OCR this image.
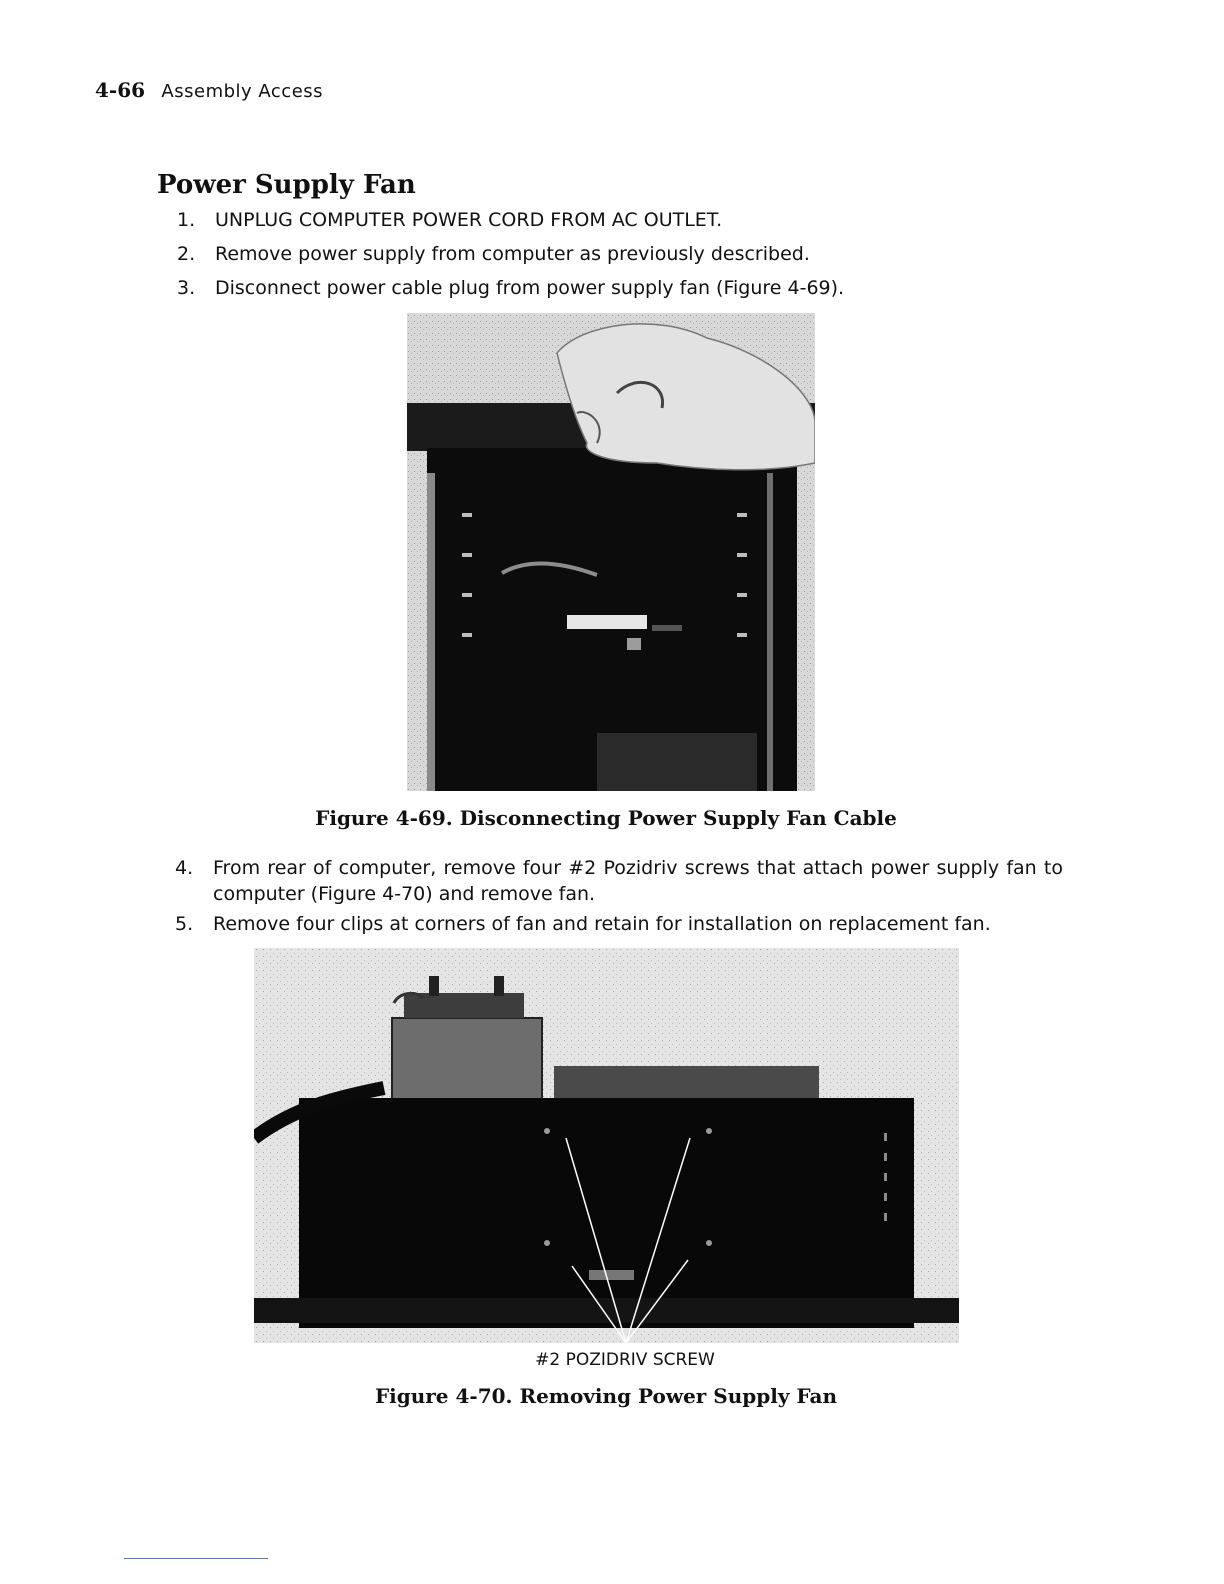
4-66 Assembly Access
Power Supply Fan
1. UNPLUG COMPUTER POWER CORD FROM AC OUTLET.
2. Remove power supply from computer as previously described.
3. Disconnect power cable plug from power supply fan (Figure 4-69).
Figure 4-69. Disconnecting Power Supply Fan Cable
4. From rear of computer, remove four #2 Pozidriv screws that attach power supply fan to computer (Figure 4-70) and remove fan.
5. Remove four clips at corners of fan and retain for installation on replacement fan.
#2 POZIDRIV SCREW
Figure 4-70. Removing Power Supply Fan
